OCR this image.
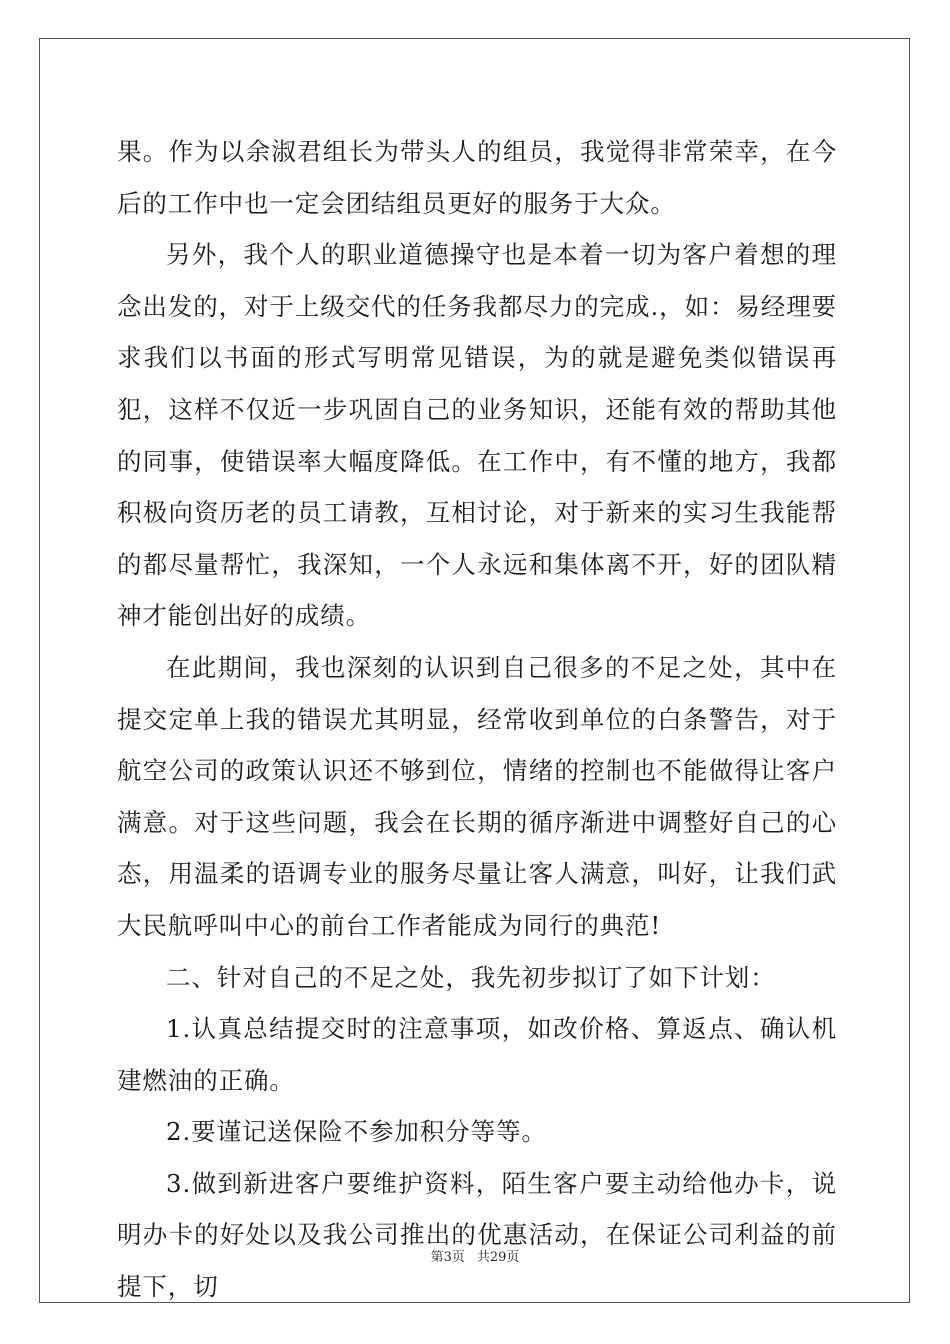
果。作为以余淑君组长为带头人的组员，我觉得非常荣幸，在今后的工作中也一定会团结组员更好的服务于大众。

另外，我个人的职业道德操守也是本着一切为客户着想的理念出发的，对于上级交代的任务我都尽力的完成.，如：易经理要求我们以书面的形式写明常见错误，为的就是避免类似错误再犯，这样不仅近一步巩固自己的业务知识，还能有效的帮助其他的同事，使错误率大幅度降低。在工作中，有不懂的地方，我都积极向资历老的员工请教，互相讨论，对于新来的实习生我能帮的都尽量帮忙，我深知，一个人永远和集体离不开，好的团队精神才能创出好的成绩。

在此期间，我也深刻的认识到自己很多的不足之处，其中在提交定单上我的错误尤其明显，经常收到单位的白条警告，对于航空公司的政策认识还不够到位，情绪的控制也不能做得让客户满意。对于这些问题，我会在长期的循序渐进中调整好自己的心态，用温柔的语调专业的服务尽量让客人满意，叫好，让我们武大民航呼叫中心的前台工作者能成为同行的典范!

二、针对自己的不足之处，我先初步拟订了如下计划：

1.认真总结提交时的注意事项，如改价格、算返点、确认机建燃油的正确。

2.要谨记送保险不参加积分等等。

3.做到新进客户要维护资料，陌生客户要主动给他办卡，说明办卡的好处以及我公司推出的优惠活动，在保证公司利益的前提下，切

第3页 共29页
